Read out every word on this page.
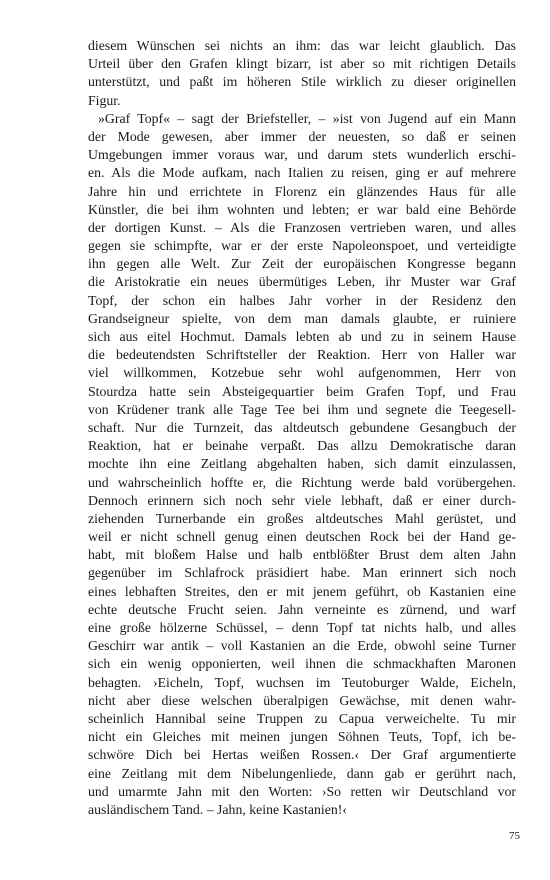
diesem Wünschen sei nichts an ihm: das war leicht glaublich. Das
Urteil über den Grafen klingt bizarr, ist aber so mit richtigen Details
unterstützt, und paßt im höheren Stile wirklich zu dieser originellen
Figur.
»Graf Topf« – sagt der Briefsteller, – »ist von Jugend auf ein Mann
der Mode gewesen, aber immer der neuesten, so daß er seinen
Umgebungen immer voraus war, und darum stets wunderlich erschi-
en. Als die Mode aufkam, nach Italien zu reisen, ging er auf mehrere
Jahre hin und errichtete in Florenz ein glänzendes Haus für alle
Künstler, die bei ihm wohnten und lebten; er war bald eine Behörde
der dortigen Kunst. – Als die Franzosen vertrieben waren, und alles
gegen sie schimpfte, war er der erste Napoleonspoet, und verteidigte
ihn gegen alle Welt. Zur Zeit der europäischen Kongresse begann
die Aristokratie ein neues übermütiges Leben, ihr Muster war Graf
Topf, der schon ein halbes Jahr vorher in der Residenz den
Grandseigneur spielte, von dem man damals glaubte, er ruiniere
sich aus eitel Hochmut. Damals lebten ab und zu in seinem Hause
die bedeutendsten Schriftsteller der Reaktion. Herr von Haller war
viel willkommen, Kotzebue sehr wohl aufgenommen, Herr von
Stourdza hatte sein Absteigequartier beim Grafen Topf, und Frau
von Krüdener trank alle Tage Tee bei ihm und segnete die Teegesell-
schaft. Nur die Turnzeit, das altdeutsch gebundene Gesangbuch der
Reaktion, hat er beinahe verpaßt. Das allzu Demokratische daran
mochte ihn eine Zeitlang abgehalten haben, sich damit einzulassen,
und wahrscheinlich hoffte er, die Richtung werde bald vorübergehen.
Dennoch erinnern sich noch sehr viele lebhaft, daß er einer durch-
ziehenden Turnerbande ein großes altdeutsches Mahl gerüstet, und
weil er nicht schnell genug einen deutschen Rock bei der Hand ge-
habt, mit bloßem Halse und halb entblößter Brust dem alten Jahn
gegenüber im Schlafrock präsidiert habe. Man erinnert sich noch
eines lebhaften Streites, den er mit jenem geführt, ob Kastanien eine
echte deutsche Frucht seien. Jahn verneinte es zürnend, und warf
eine große hölzerne Schüssel, – denn Topf tat nichts halb, und alles
Geschirr war antik – voll Kastanien an die Erde, obwohl seine Turner
sich ein wenig opponierten, weil ihnen die schmackhaften Maronen
behagten. ›Eicheln, Topf, wuchsen im Teutoburger Walde, Eicheln,
nicht aber diese welschen überalpigen Gewächse, mit denen wahr-
scheinlich Hannibal seine Truppen zu Capua verweichelte. Tu mir
nicht ein Gleiches mit meinen jungen Söhnen Teuts, Topf, ich be-
schwöre Dich bei Hertas weißen Rossen.‹ Der Graf argumentierte
eine Zeitlang mit dem Nibelungenliede, dann gab er gerührt nach,
und umarmte Jahn mit den Worten: ›So retten wir Deutschland vor
ausländischem Tand. – Jahn, keine Kastanien!‹
75
